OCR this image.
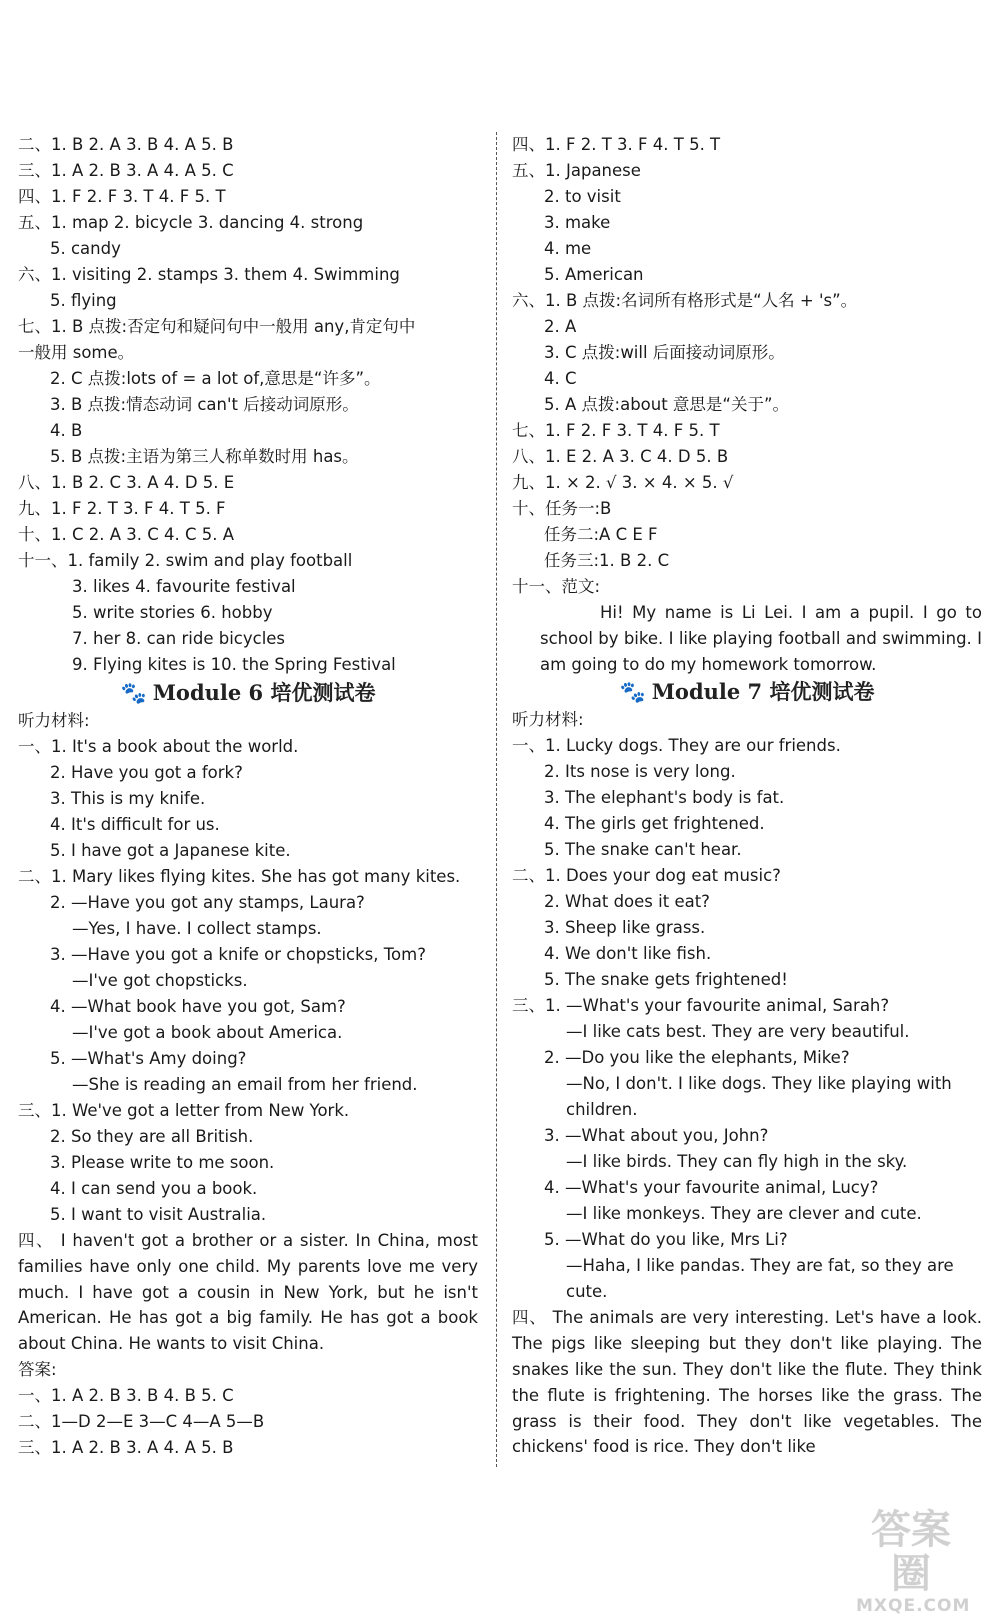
二、1. B 2. A 3. B 4. A 5. B
三、1. A 2. B 3. A 4. A 5. C
四、1. F 2. F 3. T 4. F 5. T
五、1. map 2. bicycle 3. dancing 4. strong
5. candy
六、1. visiting 2. stamps 3. them 4. Swimming
5. flying
七、1. B 点拨:否定句和疑问句中一般用 any,肯定句中
一般用 some。
2. C 点拨:lots of = a lot of,意思是“许多”。
3. B 点拨:情态动词 can't 后接动词原形。
4. B
5. B 点拨:主语为第三人称单数时用 has。
八、1. B 2. C 3. A 4. D 5. E
九、1. F 2. T 3. F 4. T 5. F
十、1. C 2. A 3. C 4. C 5. A
十一、1. family 2. swim and play football
3. likes 4. favourite festival
5. write stories 6. hobby
7. her 8. can ride bicycles
9. Flying kites is 10. the Spring Festival
🐾 Module 6 培优测试卷
听力材料:
一、1. It's a book about the world.
2. Have you got a fork?
3. This is my knife.
4. It's difficult for us.
5. I have got a Japanese kite.
二、1. Mary likes flying kites. She has got many kites.
2. —Have you got any stamps, Laura?
—Yes, I have. I collect stamps.
3. —Have you got a knife or chopsticks, Tom?
—I've got chopsticks.
4. —What book have you got, Sam?
—I've got a book about America.
5. —What's Amy doing?
—She is reading an email from her friend.
三、1. We've got a letter from New York.
2. So they are all British.
3. Please write to me soon.
4. I can send you a book.
5. I want to visit Australia.
四、 I haven't got a brother or a sister. In China, most families have only one child. My parents love me very much. I have got a cousin in New York, but he isn't American. He has got a big family. He has got a book about China. He wants to visit China.
答案:
一、1. A 2. B 3. B 4. B 5. C
二、1—D 2—E 3—C 4—A 5—B
三、1. A 2. B 3. A 4. A 5. B
四、1. F 2. T 3. F 4. T 5. T
五、1. Japanese
2. to visit
3. make
4. me
5. American
六、1. B 点拨:名词所有格形式是“人名 + 's”。
2. A
3. C 点拨:will 后面接动词原形。
4. C
5. A 点拨:about 意思是“关于”。
七、1. F 2. F 3. T 4. F 5. T
八、1. E 2. A 3. C 4. D 5. B
九、1. × 2. √ 3. × 4. × 5. √
十、任务一:B
任务二:A C E F
任务三:1. B 2. C
十一、范文:
Hi! My name is Li Lei. I am a pupil. I go to school by bike. I like playing football and swimming. I am going to do my homework tomorrow.
🐾 Module 7 培优测试卷
听力材料:
一、1. Lucky dogs. They are our friends.
2. Its nose is very long.
3. The elephant's body is fat.
4. The girls get frightened.
5. The snake can't hear.
二、1. Does your dog eat music?
2. What does it eat?
3. Sheep like grass.
4. We don't like fish.
5. The snake gets frightened!
三、1. —What's your favourite animal, Sarah?
—I like cats best. They are very beautiful.
2. —Do you like the elephants, Mike?
—No, I don't. I like dogs. They like playing with
children.
3. —What about you, John?
—I like birds. They can fly high in the sky.
4. —What's your favourite animal, Lucy?
—I like monkeys. They are clever and cute.
5. —What do you like, Mrs Li?
—Haha, I like pandas. They are fat, so they are
cute.
四、 The animals are very interesting. Let's have a look. The pigs like sleeping but they don't like playing. The snakes like the sun. They don't like the flute. They think the flute is frightening. The horses like the grass. The grass is their food. They don't like vegetables. The chickens' food is rice. They don't like
答案圈
MXQE.COM
